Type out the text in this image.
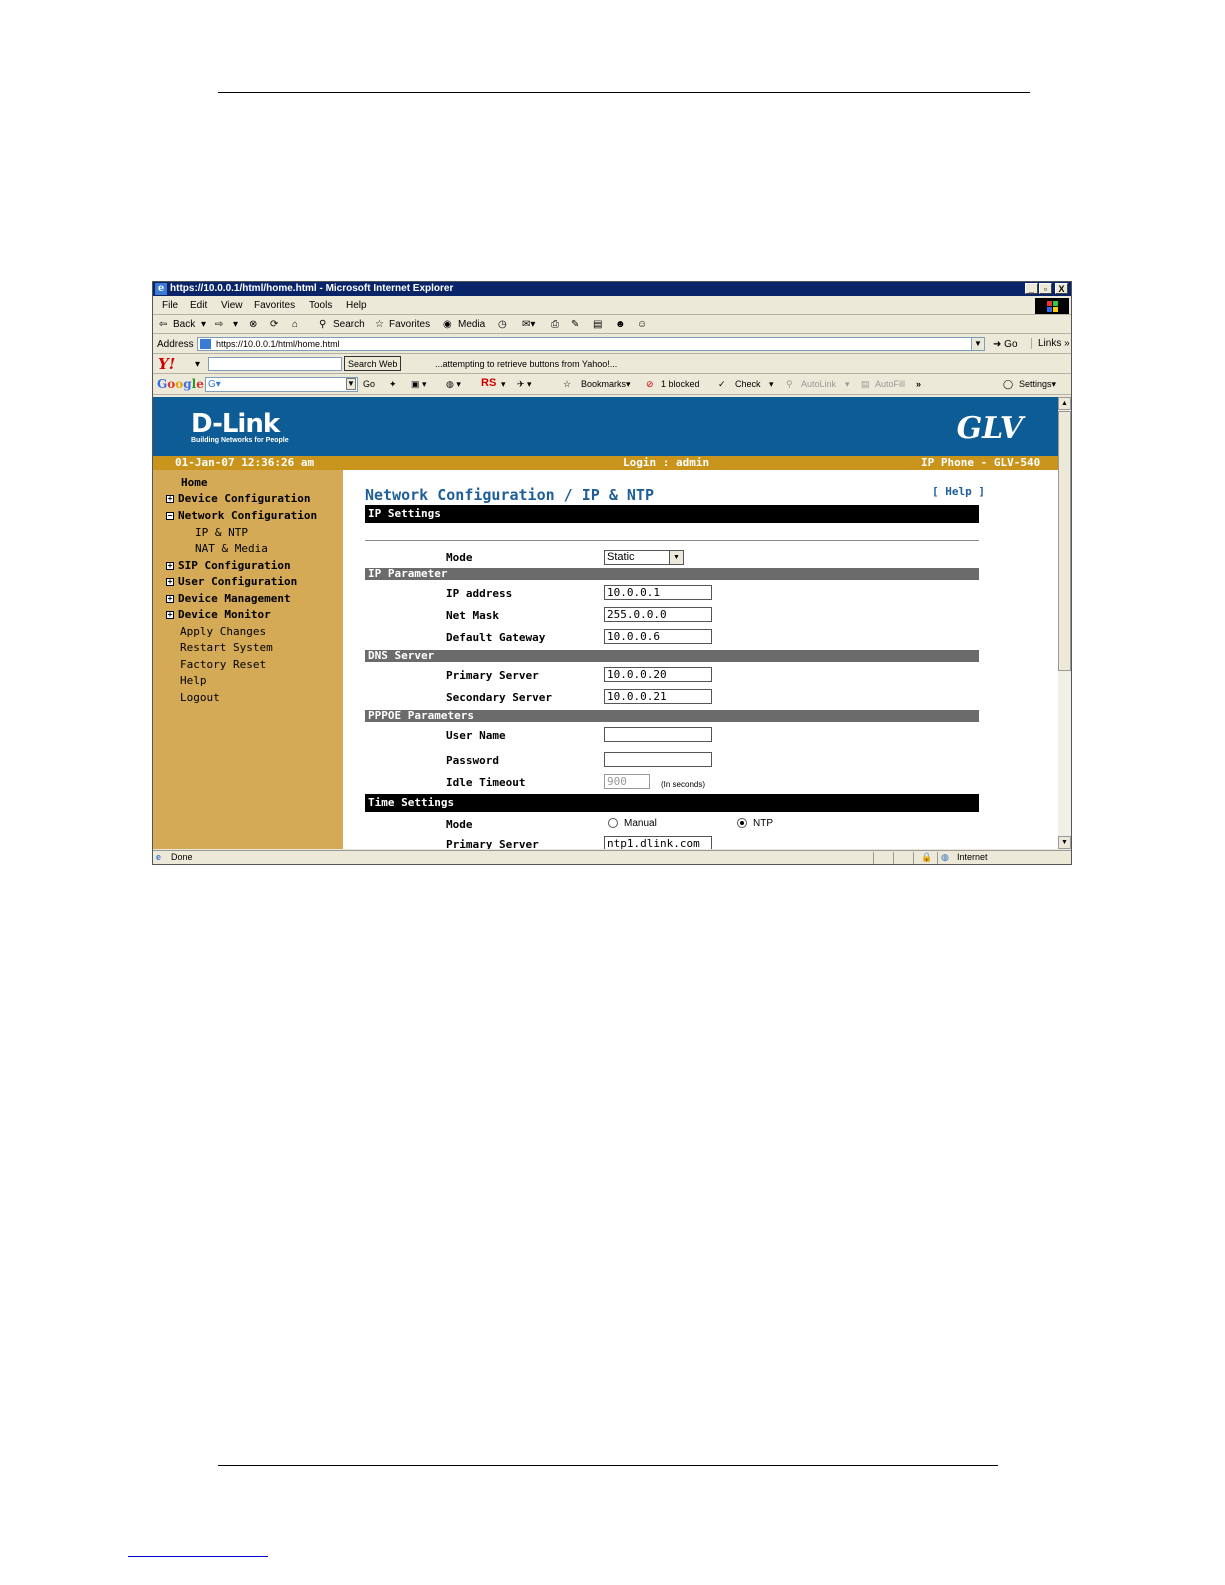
e https://10.0.0.1/html/home.html - Microsoft Internet Explorer	_	▫	X
File Edit View Favorites Tools Help
⇦ Back ▾ ⇨ ▾ ⊗ ⟳ ⌂ ⚲ Search ☆ Favorites ◉ Media ◷ ✉▾ ⎙ ✎ ▤ ☻ ☺
Address	https://10.0.0.1/html/home.html	▼	➜ Go	Links »
Y! ▾	Search Web	...attempting to retrieve buttons from Yahoo!...
Google G▾	▼ Go ✦ ▣ ▾ ◍ ▾ RS ▾ ✈ ▾	☆ Bookmarks▾ ⊘ 1 blocked ✓ Check ▾ ⚲ AutoLink ▾ ▤ AutoFill »	◯ Settings▾
D-Link
Building Networks for People	GLV
01-Jan-07 12:36:26 am	Login : admin	IP Phone - GLV-540
Home
+ Device Configuration
− Network Configuration
IP & NTP
NAT & Media
+ SIP Configuration
+ User Configuration
+ Device Management
+ Device Monitor
Apply Changes
Restart System
Factory Reset
Help
Logout
Network Configuration / IP & NTP	[ Help ]
IP Settings
Mode	Static	▼
IP Parameter
IP address	10.0.0.1
Net Mask	255.0.0.0
Default Gateway	10.0.0.6
DNS Server
Primary Server	10.0.0.20
Secondary Server	10.0.0.21
PPPOE Parameters
User Name
Password
Idle Timeout	900	(In seconds)
Time Settings
Mode	Manual	NTP
Primary Server	ntp1.dlink.com
▲
▼
e Done	🔒 ◍ Internet
